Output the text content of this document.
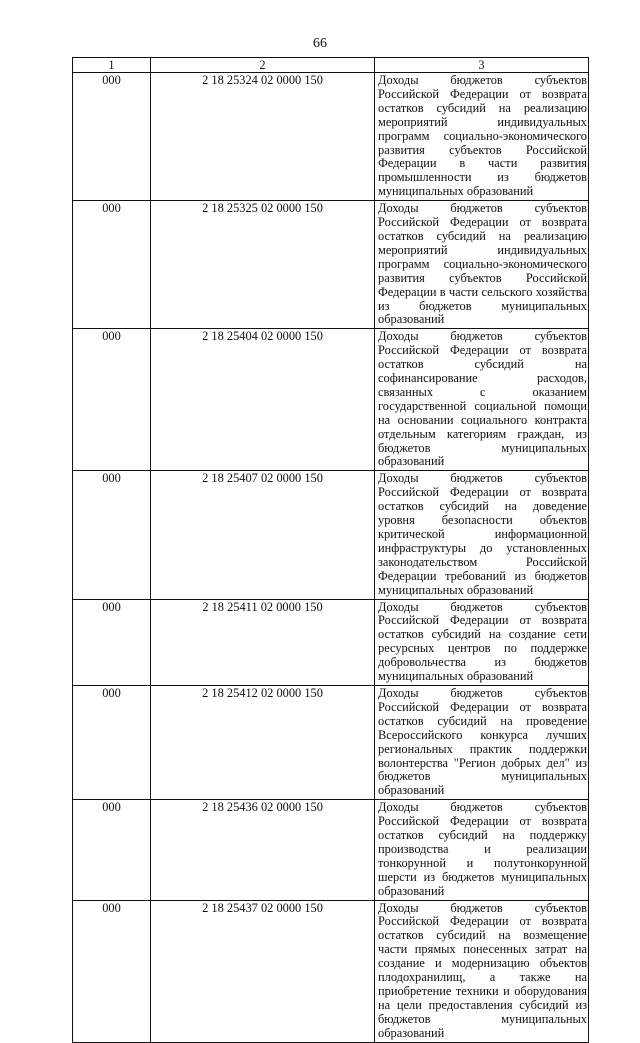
66
1	2	3
000	2 18 25324 02 0000 150	Доходы бюджетов субъектов Российской Федерации от возврата остатков субсидий на реализацию мероприятий индивидуальных программ социально-экономического развития субъектов Российской Федерации в части развития промышленности из бюджетов муниципальных образований

000	2 18 25325 02 0000 150	Доходы бюджетов субъектов Российской Федерации от возврата остатков субсидий на реализацию мероприятий индивидуальных программ социально-экономического развития субъектов Российской Федерации в части сельского хозяйства из бюджетов муниципальных образований

000	2 18 25404 02 0000 150	Доходы бюджетов субъектов Российской Федерации от возврата остатков субсидий на софинансирование расходов, связанных с оказанием государственной социальной помощи на основании социального контракта отдельным категориям граждан, из бюджетов муниципальных образований

000	2 18 25407 02 0000 150	Доходы бюджетов субъектов Российской Федерации от возврата остатков субсидий на доведение уровня безопасности объектов критической информационной инфраструктуры до установленных законодательством Российской Федерации требований из бюджетов муниципальных образований

000	2 18 25411 02 0000 150	Доходы бюджетов субъектов Российской Федерации от возврата остатков субсидий на создание сети ресурсных центров по поддержке добровольчества из бюджетов муниципальных образований

000	2 18 25412 02 0000 150	Доходы бюджетов субъектов Российской Федерации от возврата остатков субсидий на проведение Всероссийского конкурса лучших региональных практик поддержки волонтерства "Регион добрых дел" из бюджетов муниципальных образований

000	2 18 25436 02 0000 150	Доходы бюджетов субъектов Российской Федерации от возврата остатков субсидий на поддержку производства и реализации тонкорунной и полутонкорунной шерсти из бюджетов муниципальных образований

000	2 18 25437 02 0000 150	Доходы бюджетов субъектов Российской Федерации от возврата остатков субсидий на возмещение части прямых понесенных затрат на создание и модернизацию объектов плодохранилищ, а также на приобретение техники и оборудования на цели предоставления субсидий из бюджетов муниципальных образований
